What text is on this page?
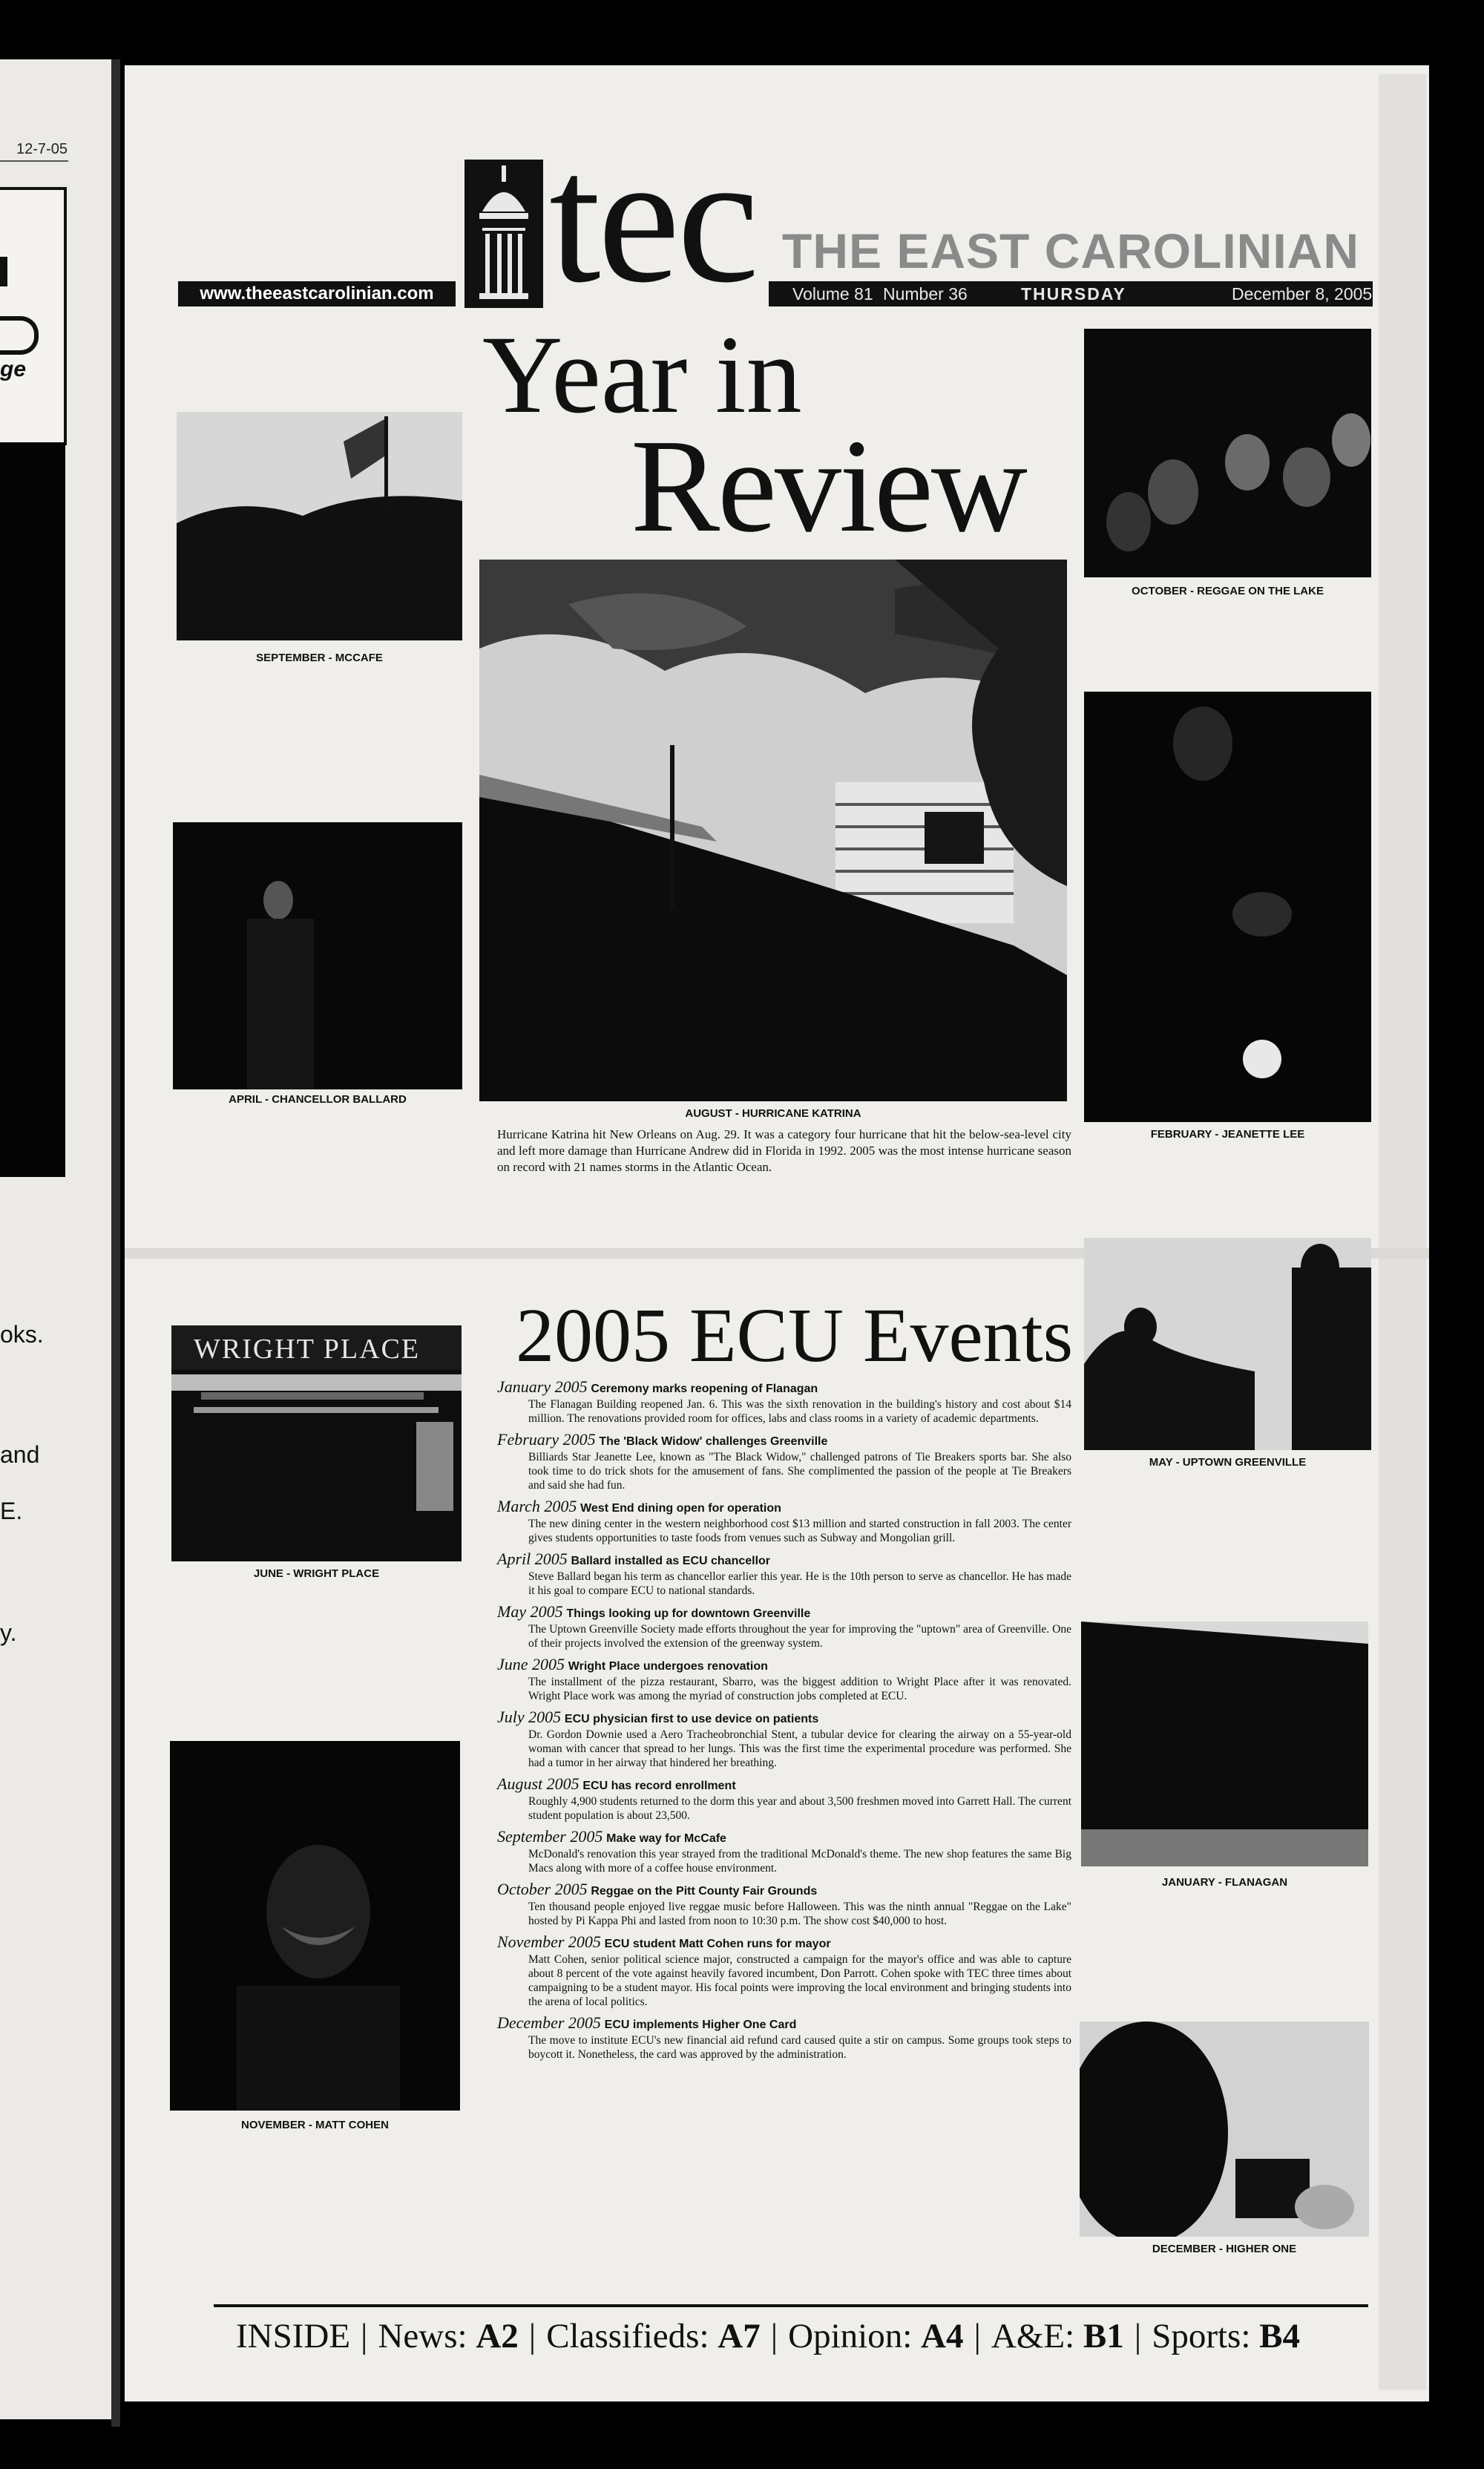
12-7-05
ge
oks.
and
E.
y.
www.theeastcarolinian.com tec THE EAST CAROLINIAN
Volume 81 Number 36	THURSDAY	December 8, 2005
Year in
Review
SEPTEMBER - MCCAFE
APRIL - CHANCELLOR BALLARD
AUGUST - HURRICANE KATRINA
Hurricane Katrina hit New Orleans on Aug. 29. It was a category four hurricane that hit the below-sea-level city and left more damage than Hurricane Andrew did in Florida in 1992. 2005 was the most intense hurricane season on record with 21 names storms in the Atlantic Ocean.
OCTOBER - REGGAE ON THE LAKE
FEBRUARY - JEANETTE LEE
2005 ECU Events
January 2005 Ceremony marks reopening of Flanagan
The Flanagan Building reopened Jan. 6. This was the sixth renovation in the building's history and cost about $14 million. The renovations provided room for offices, labs and class rooms in a variety of academic departments.
February 2005 The 'Black Widow' challenges Greenville
Billiards Star Jeanette Lee, known as "The Black Widow," challenged patrons of Tie Breakers sports bar. She also took time to do trick shots for the amusement of fans. She complimented the passion of the people at Tie Breakers and said she had fun.
March 2005 West End dining open for operation
The new dining center in the western neighborhood cost $13 million and started construction in fall 2003. The center gives students opportunities to taste foods from venues such as Subway and Mongolian grill.
April 2005 Ballard installed as ECU chancellor
Steve Ballard began his term as chancellor earlier this year. He is the 10th person to serve as chancellor. He has made it his goal to compare ECU to national standards.
May 2005 Things looking up for downtown Greenville
The Uptown Greenville Society made efforts throughout the year for improving the "uptown" area of Greenville. One of their projects involved the extension of the greenway system.
June 2005 Wright Place undergoes renovation
The installment of the pizza restaurant, Sbarro, was the biggest addition to Wright Place after it was renovated. Wright Place work was among the myriad of construction jobs completed at ECU.
July 2005 ECU physician first to use device on patients
Dr. Gordon Downie used a Aero Tracheobronchial Stent, a tubular device for clearing the airway on a 55-year-old woman with cancer that spread to her lungs. This was the first time the experimental procedure was performed. She had a tumor in her airway that hindered her breathing.
August 2005 ECU has record enrollment
Roughly 4,900 students returned to the dorm this year and about 3,500 freshmen moved into Garrett Hall. The current student population is about 23,500.
September 2005 Make way for McCafe
McDonald's renovation this year strayed from the traditional McDonald's theme. The new shop features the same Big Macs along with more of a coffee house environment.
October 2005 Reggae on the Pitt County Fair Grounds
Ten thousand people enjoyed live reggae music before Halloween. This was the ninth annual "Reggae on the Lake" hosted by Pi Kappa Phi and lasted from noon to 10:30 p.m. The show cost $40,000 to host.
November 2005 ECU student Matt Cohen runs for mayor
Matt Cohen, senior political science major, constructed a campaign for the mayor's office and was able to capture about 8 percent of the vote against heavily favored incumbent, Don Parrott. Cohen spoke with TEC three times about campaigning to be a student mayor. His focal points were improving the local environment and bringing students into the arena of local politics.
December 2005 ECU implements Higher One Card
The move to institute ECU's new financial aid refund card caused quite a stir on campus. Some groups took steps to boycott it. Nonetheless, the card was approved by the administration.
WRIGHT PLACE
JUNE - WRIGHT PLACE
NOVEMBER - MATT COHEN
MAY - UPTOWN GREENVILLE
JANUARY - FLANAGAN
DECEMBER - HIGHER ONE
INSIDE | News: A2 | Classifieds: A7 | Opinion: A4 | A&E: B1 | Sports: B4
